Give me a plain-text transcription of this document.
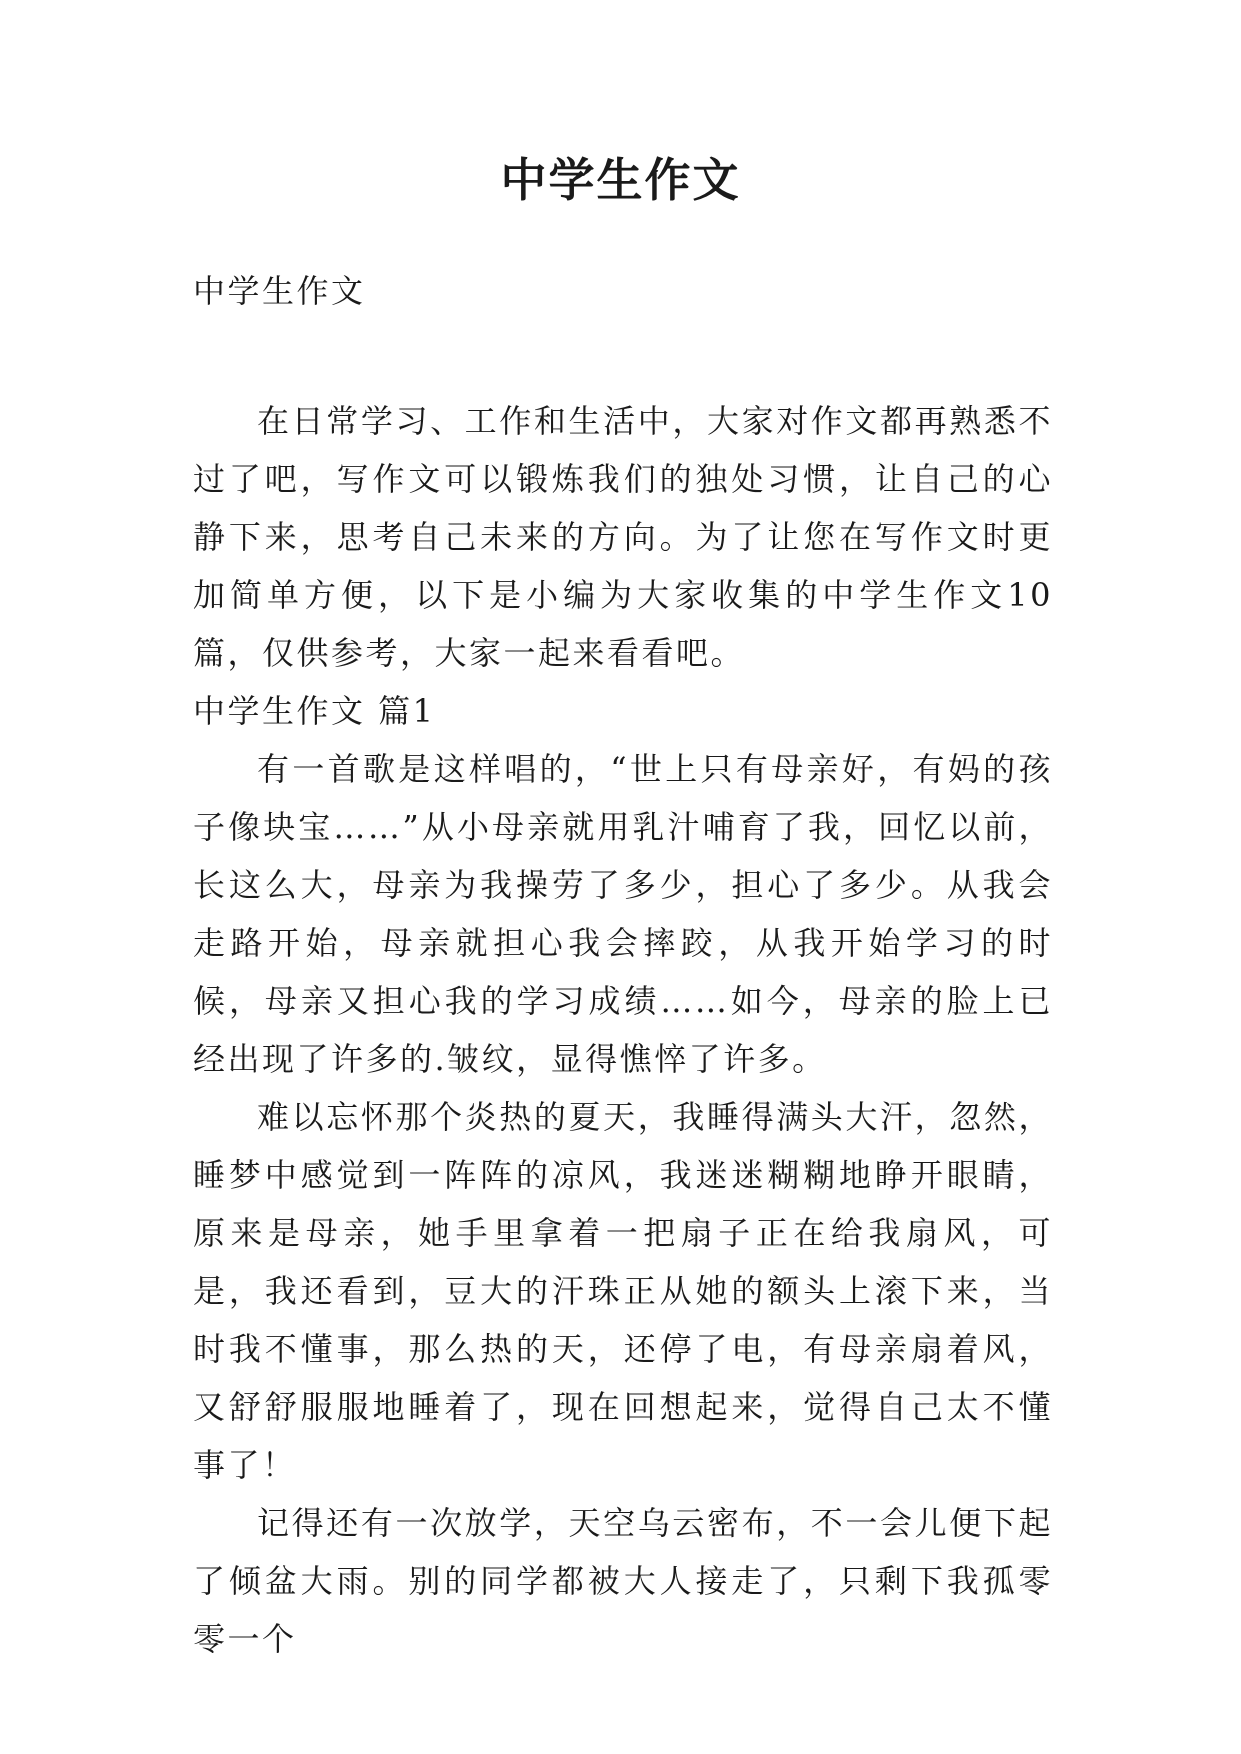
中学生作文

中学生作文

在日常学习、工作和生活中，大家对作文都再熟悉不过了吧，写作文可以锻炼我们的独处习惯，让自己的心静下来，思考自己未来的方向。为了让您在写作文时更加简单方便，以下是小编为大家收集的中学生作文10篇，仅供参考，大家一起来看看吧。

中学生作文 篇1

有一首歌是这样唱的，“世上只有母亲好，有妈的孩子像块宝……”从小母亲就用乳汁哺育了我，回忆以前，长这么大，母亲为我操劳了多少，担心了多少。从我会走路开始，母亲就担心我会摔跤，从我开始学习的时候，母亲又担心我的学习成绩……如今，母亲的脸上已经出现了许多的.皱纹，显得憔悴了许多。

难以忘怀那个炎热的夏天，我睡得满头大汗，忽然，睡梦中感觉到一阵阵的凉风，我迷迷糊糊地睁开眼睛，原来是母亲，她手里拿着一把扇子正在给我扇风，可是，我还看到，豆大的汗珠正从她的额头上滚下来，当时我不懂事，那么热的天，还停了电，有母亲扇着风，又舒舒服服地睡着了，现在回想起来，觉得自己太不懂事了！

记得还有一次放学，天空乌云密布，不一会儿便下起了倾盆大雨。别的同学都被大人接走了，只剩下我孤零零一个
